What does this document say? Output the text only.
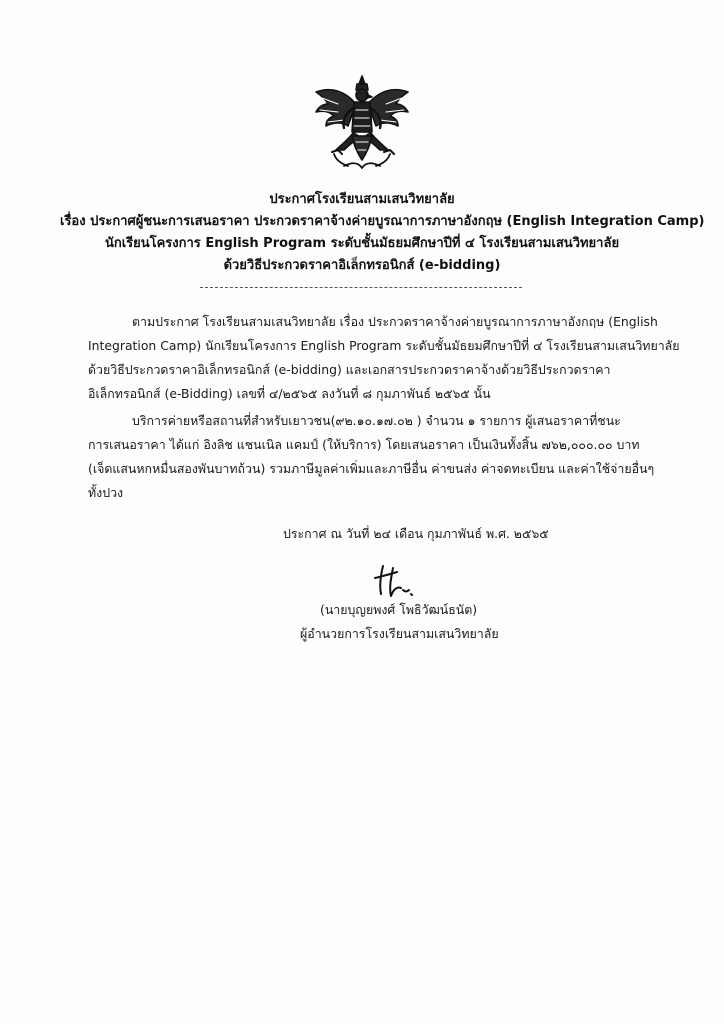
ประกาศโรงเรียนสามเสนวิทยาลัย
เรื่อง ประกาศผู้ชนะการเสนอราคา ประกวดราคาจ้างค่ายบูรณาการภาษาอังกฤษ (English Integration Camp)
นักเรียนโครงการ English Program ระดับชั้นมัธยมศึกษาปีที่ ๔ โรงเรียนสามเสนวิทยาลัย
ด้วยวิธีประกวดราคาอิเล็กทรอนิกส์ (e-bidding)
ตามประกาศ โรงเรียนสามเสนวิทยาลัย เรื่อง ประกวดราคาจ้างค่ายบูรณาการภาษาอังกฤษ (English
Integration Camp) นักเรียนโครงการ English Program ระดับชั้นมัธยมศึกษาปีที่ ๔ โรงเรียนสามเสนวิทยาลัย
ด้วยวิธีประกวดราคาอิเล็กทรอนิกส์ (e-bidding) และเอกสารประกวดราคาจ้างด้วยวิธีประกวดราคา
อิเล็กทรอนิกส์ (e-Bidding) เลขที่ ๔/๒๕๖๕ ลงวันที่ ๘ กุมภาพันธ์ ๒๕๖๕ นั้น
บริการค่ายหรือสถานที่สำหรับเยาวชน(๙๒.๑๐.๑๗.๐๒ ) จำนวน ๑ รายการ ผู้เสนอราคาที่ชนะ
การเสนอราคา ได้แก่ อิงลิช แชนเนิล แคมป์ (ให้บริการ) โดยเสนอราคา เป็นเงินทั้งสิ้น ๗๖๒,๐๐๐.๐๐ บาท
(เจ็ดแสนหกหมื่นสองพันบาทถ้วน) รวมภาษีมูลค่าเพิ่มและภาษีอื่น ค่าขนส่ง ค่าจดทะเบียน และค่าใช้จ่ายอื่นๆ
ทั้งปวง
ประกาศ ณ วันที่ ๒๔ เดือน กุมภาพันธ์ พ.ศ. ๒๕๖๕
(นายบุญยพงศ์ โพธิวัฒน์ธนัต)
ผู้อำนวยการโรงเรียนสามเสนวิทยาลัย
